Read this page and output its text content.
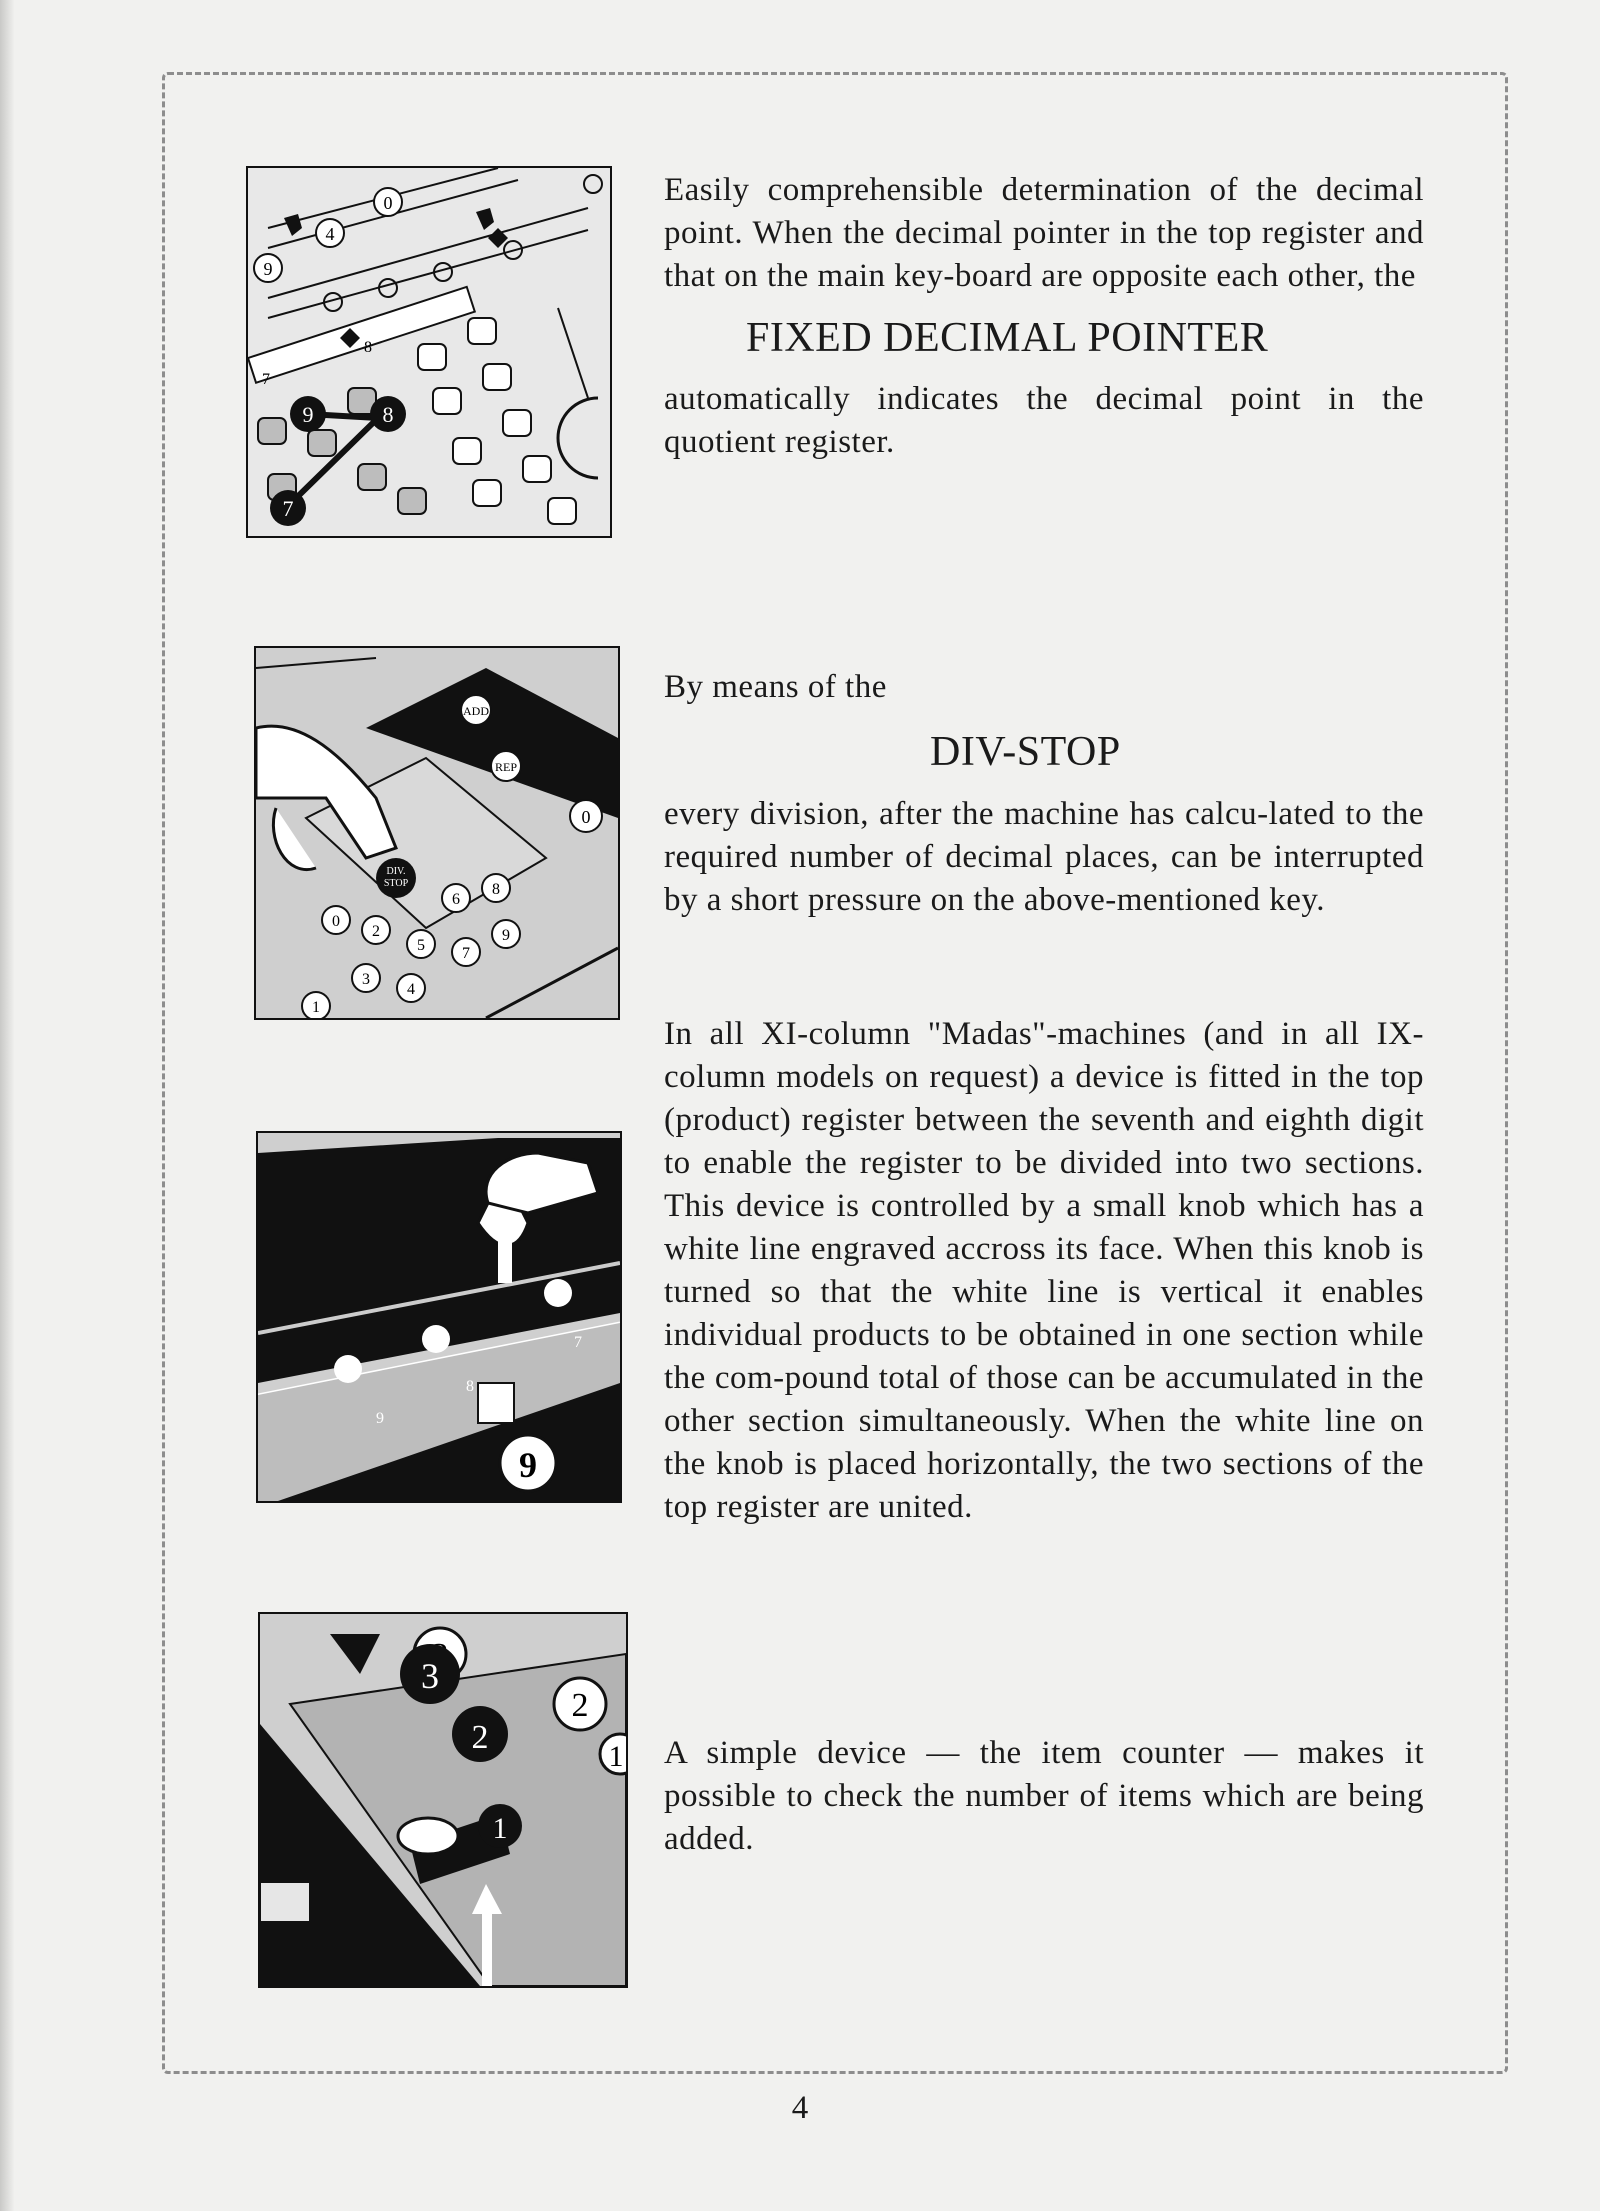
4
0
9
7
8
9	8
7

Easily comprehensible determination of the decimal point. When the decimal pointer in the top register and that on the main key-board are opposite each other, the

FIXED DECIMAL POINTER

automatically indicates the decimal point in the quotient register.

ADD
REP
0
DIV.
STOP
0
2
5
6
8
9
7
3
4
1

By means of the

DIV-STOP

every division, after the machine has calcu-lated to the required number of decimal places, can be interrupted by a short pressure on the above-mentioned key.

In all XI-column "Madas"-machines (and in all IX-column models on request) a device is fitted in the top (product) register between the seventh and eighth digit to enable the register to be divided into two sections. This device is controlled by a small knob which has a white line engraved accross its face. When this knob is turned so that the white line is vertical it enables individual products to be obtained in one section while the com-pound total of those can be accumulated in the other section simultaneously. When the white line on the knob is placed horizontally, the two sections of the top register are united.

9
8
7
9
2
1
3
2
1

A simple device — the item counter — makes it possible to check the number of items which are being added.

4
